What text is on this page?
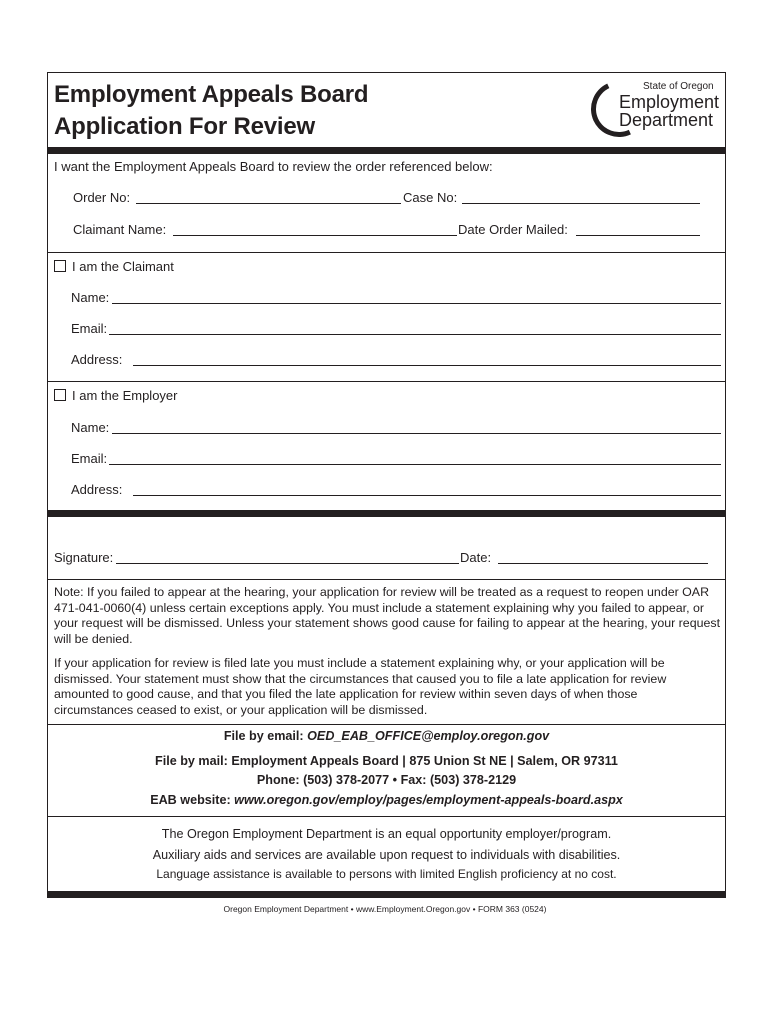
Employment Appeals Board
Application For Review
State of Oregon
Employment
Department
I want the Employment Appeals Board to review the order referenced below:
Order No:	Case No:
Claimant Name:	Date Order Mailed:
I am the Claimant
Name:
Email:
Address:
I am the Employer
Name:
Email:
Address:
Signature:	Date:
Note: If you failed to appear at the hearing, your application for review will be treated as a request to reopen under OAR 471-041-0060(4) unless certain exceptions apply. You must include a statement explaining why you failed to appear, or your request will be dismissed. Unless your statement shows good cause for failing to appear at the hearing, your request will be denied.
If your application for review is filed late you must include a statement explaining why, or your application will be dismissed. Your statement must show that the circumstances that caused you to file a late application for review amounted to good cause, and that you filed the late application for review within seven days of when those circumstances ceased to exist, or your application will be dismissed.
File by email: OED_EAB_OFFICE@employ.oregon.gov
File by mail: Employment Appeals Board | 875 Union St NE | Salem, OR 97311
Phone: (503) 378-2077 • Fax: (503) 378-2129
EAB website: www.oregon.gov/employ/pages/employment-appeals-board.aspx
The Oregon Employment Department is an equal opportunity employer/program.
Auxiliary aids and services are available upon request to individuals with disabilities.
Language assistance is available to persons with limited English proficiency at no cost.
Oregon Employment Department • www.Employment.Oregon.gov • FORM 363 (0524)
